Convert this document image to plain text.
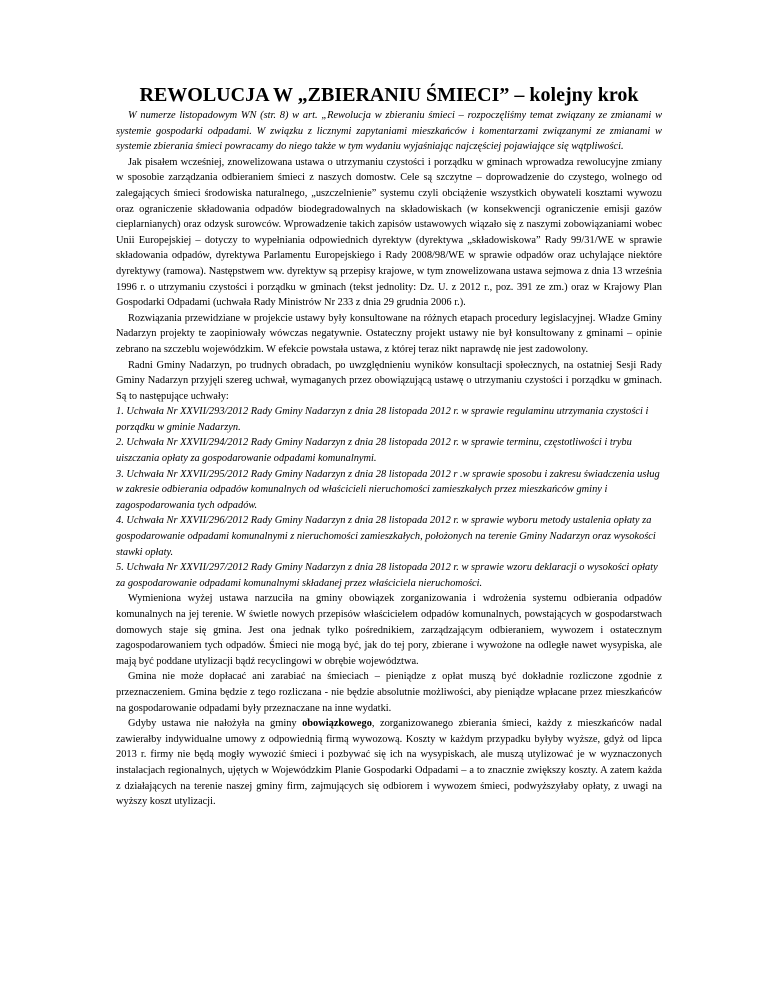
REWOLUCJA W „ZBIERANIU ŚMIECI” – kolejny krok

W numerze listopadowym WN (str. 8) w art. „Rewolucja w zbieraniu śmieci – rozpoczęliśmy temat związany ze zmianami w systemie gospodarki odpadami. W związku z licznymi zapytaniami mieszkańców i komentarzami związanymi ze zmianami w systemie zbierania śmieci powracamy do niego także w tym wydaniu wyjaśniając najczęściej pojawiające się wątpliwości.

Jak pisałem wcześniej, znowelizowana ustawa o utrzymaniu czystości i porządku w gminach wprowadza rewolucyjne zmiany w sposobie zarządzania odbieraniem śmieci z naszych domostw. Cele są szczytne – doprowadzenie do czystego, wolnego od zalegających śmieci środowiska naturalnego, „uszczelnienie” systemu czyli obciążenie wszystkich obywateli kosztami wywozu oraz ograniczenie składowania odpadów biodegradowalnych na składowiskach (w konsekwencji ograniczenie emisji gazów cieplarnianych) oraz odzysk surowców. Wprowadzenie takich zapisów ustawowych wiązało się z naszymi zobowiązaniami wobec Unii Europejskiej – dotyczy to wypełniania odpowiednich dyrektyw (dyrektywa „składowiskowa” Rady 99/31/WE w sprawie składowania odpadów, dyrektywa Parlamentu Europejskiego i Rady 2008/98/WE w sprawie odpadów oraz uchylające niektóre dyrektywy (ramowa). Następstwem ww. dyrektyw są przepisy krajowe, w tym znowelizowana ustawa sejmowa z dnia 13 września 1996 r. o utrzymaniu czystości i porządku w gminach (tekst jednolity: Dz. U. z 2012 r., poz. 391 ze zm.) oraz w Krajowy Plan Gospodarki Odpadami (uchwała Rady Ministrów Nr 233 z dnia 29 grudnia 2006 r.).

Rozwiązania przewidziane w projekcie ustawy były konsultowane na różnych etapach procedury legislacyjnej. Władze Gminy Nadarzyn projekty te zaopiniowały wówczas negatywnie. Ostateczny projekt ustawy nie był konsultowany z gminami – opinie zebrano na szczeblu wojewódzkim. W efekcie powstała ustawa, z której teraz nikt naprawdę nie jest zadowolony.

Radni Gminy Nadarzyn, po trudnych obradach, po uwzględnieniu wyników konsultacji społecznych, na ostatniej Sesji Rady Gminy Nadarzyn przyjęli szereg uchwał, wymaganych przez obowiązującą ustawę o utrzymaniu czystości i porządku w gminach. Są to następujące uchwały:

1. Uchwała Nr XXVII/293/2012 Rady Gminy Nadarzyn z dnia 28 listopada 2012 r. w sprawie regulaminu utrzymania czystości i porządku w gminie Nadarzyn.

2. Uchwała Nr XXVII/294/2012 Rady Gminy Nadarzyn z dnia 28 listopada 2012 r. w sprawie terminu, częstotliwości i trybu uiszczania opłaty za gospodarowanie odpadami komunalnymi.

3. Uchwała Nr XXVII/295/2012 Rady Gminy Nadarzyn z dnia 28 listopada 2012 r .w sprawie sposobu i zakresu świadczenia usług w zakresie odbierania odpadów komunalnych od właścicieli nieruchomości zamieszkałych przez mieszkańców gminy i zagospodarowania tych odpadów.

4. Uchwała Nr XXVII/296/2012 Rady Gminy Nadarzyn z dnia 28 listopada 2012 r. w sprawie wyboru metody ustalenia opłaty za gospodarowanie odpadami komunalnymi z nieruchomości zamieszkałych, położonych na terenie Gminy Nadarzyn oraz wysokości stawki opłaty.

5. Uchwała Nr XXVII/297/2012 Rady Gminy Nadarzyn z dnia 28 listopada 2012 r. w sprawie wzoru deklaracji o wysokości opłaty za gospodarowanie odpadami komunalnymi składanej przez właściciela nieruchomości.

Wymieniona wyżej ustawa narzuciła na gminy obowiązek zorganizowania i wdrożenia systemu odbierania odpadów komunalnych na jej terenie. W świetle nowych przepisów właścicielem odpadów komunalnych, powstających w gospodarstwach domowych staje się gmina. Jest ona jednak tylko pośrednikiem, zarządzającym odbieraniem, wywozem i ostatecznym zagospodarowaniem tych odpadów. Śmieci nie mogą być, jak do tej pory, zbierane i wywożone na odległe nawet wysypiska, ale mają być poddane utylizacji bądź recyclingowi w obrębie województwa.

Gmina nie może dopłacać ani zarabiać na śmieciach – pieniądze z opłat muszą być dokładnie rozliczone zgodnie z przeznaczeniem. Gmina będzie z tego rozliczana - nie będzie absolutnie możliwości, aby pieniądze wpłacane przez mieszkańców na gospodarowanie odpadami były przeznaczane na inne wydatki.

Gdyby ustawa nie nałożyła na gminy obowiązkowego, zorganizowanego zbierania śmieci, każdy z mieszkańców nadal zawierałby indywidualne umowy z odpowiednią firmą wywozową. Koszty w każdym przypadku byłyby wyższe, gdyż od lipca 2013 r. firmy nie będą mogły wywozić śmieci i pozbywać się ich na wysypiskach, ale muszą utylizować je w wyznaczonych instalacjach regionalnych, ujętych w Wojewódzkim Planie Gospodarki Odpadami – a to znacznie zwiększy koszty. A zatem każda z działających na terenie naszej gminy firm, zajmujących się odbiorem i wywozem śmieci, podwyższyłaby opłaty, z uwagi na wyższy koszt utylizacji.
